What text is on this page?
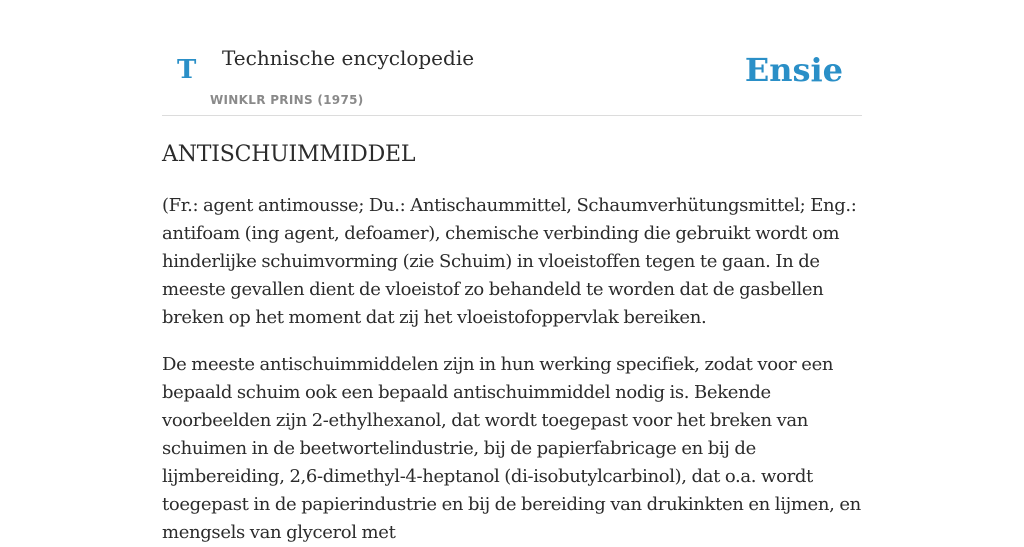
T Technische encyclopedie
WINKLR PRINS (1975)
Ensie
ANTISCHUIMMIDDEL

(Fr.: agent antimousse; Du.: Antischaummittel, Schaumverhütungsmittel; Eng.: antifoam (ing agent, defoamer), chemische verbinding die gebruikt wordt om hinderlijke schuimvorming (zie Schuim) in vloeistoffen tegen te gaan. In de meeste gevallen dient de vloeistof zo behandeld te worden dat de gasbellen breken op het moment dat zij het vloeistofoppervlak bereiken.

De meeste antischuimmiddelen zijn in hun werking specifiek, zodat voor een bepaald schuim ook een bepaald antischuimmiddel nodig is. Bekende voorbeelden zijn 2-ethylhexanol, dat wordt toegepast voor het breken van schuimen in de beetwortelindustrie, bij de papierfabricage en bij de lijmbereiding, 2,6-dimethyl-4-heptanol (di-isobutylcarbinol), dat o.a. wordt toegepast in de papierindustrie en bij de bereiding van drukinkten en lijmen, en mengsels van glycerol met
